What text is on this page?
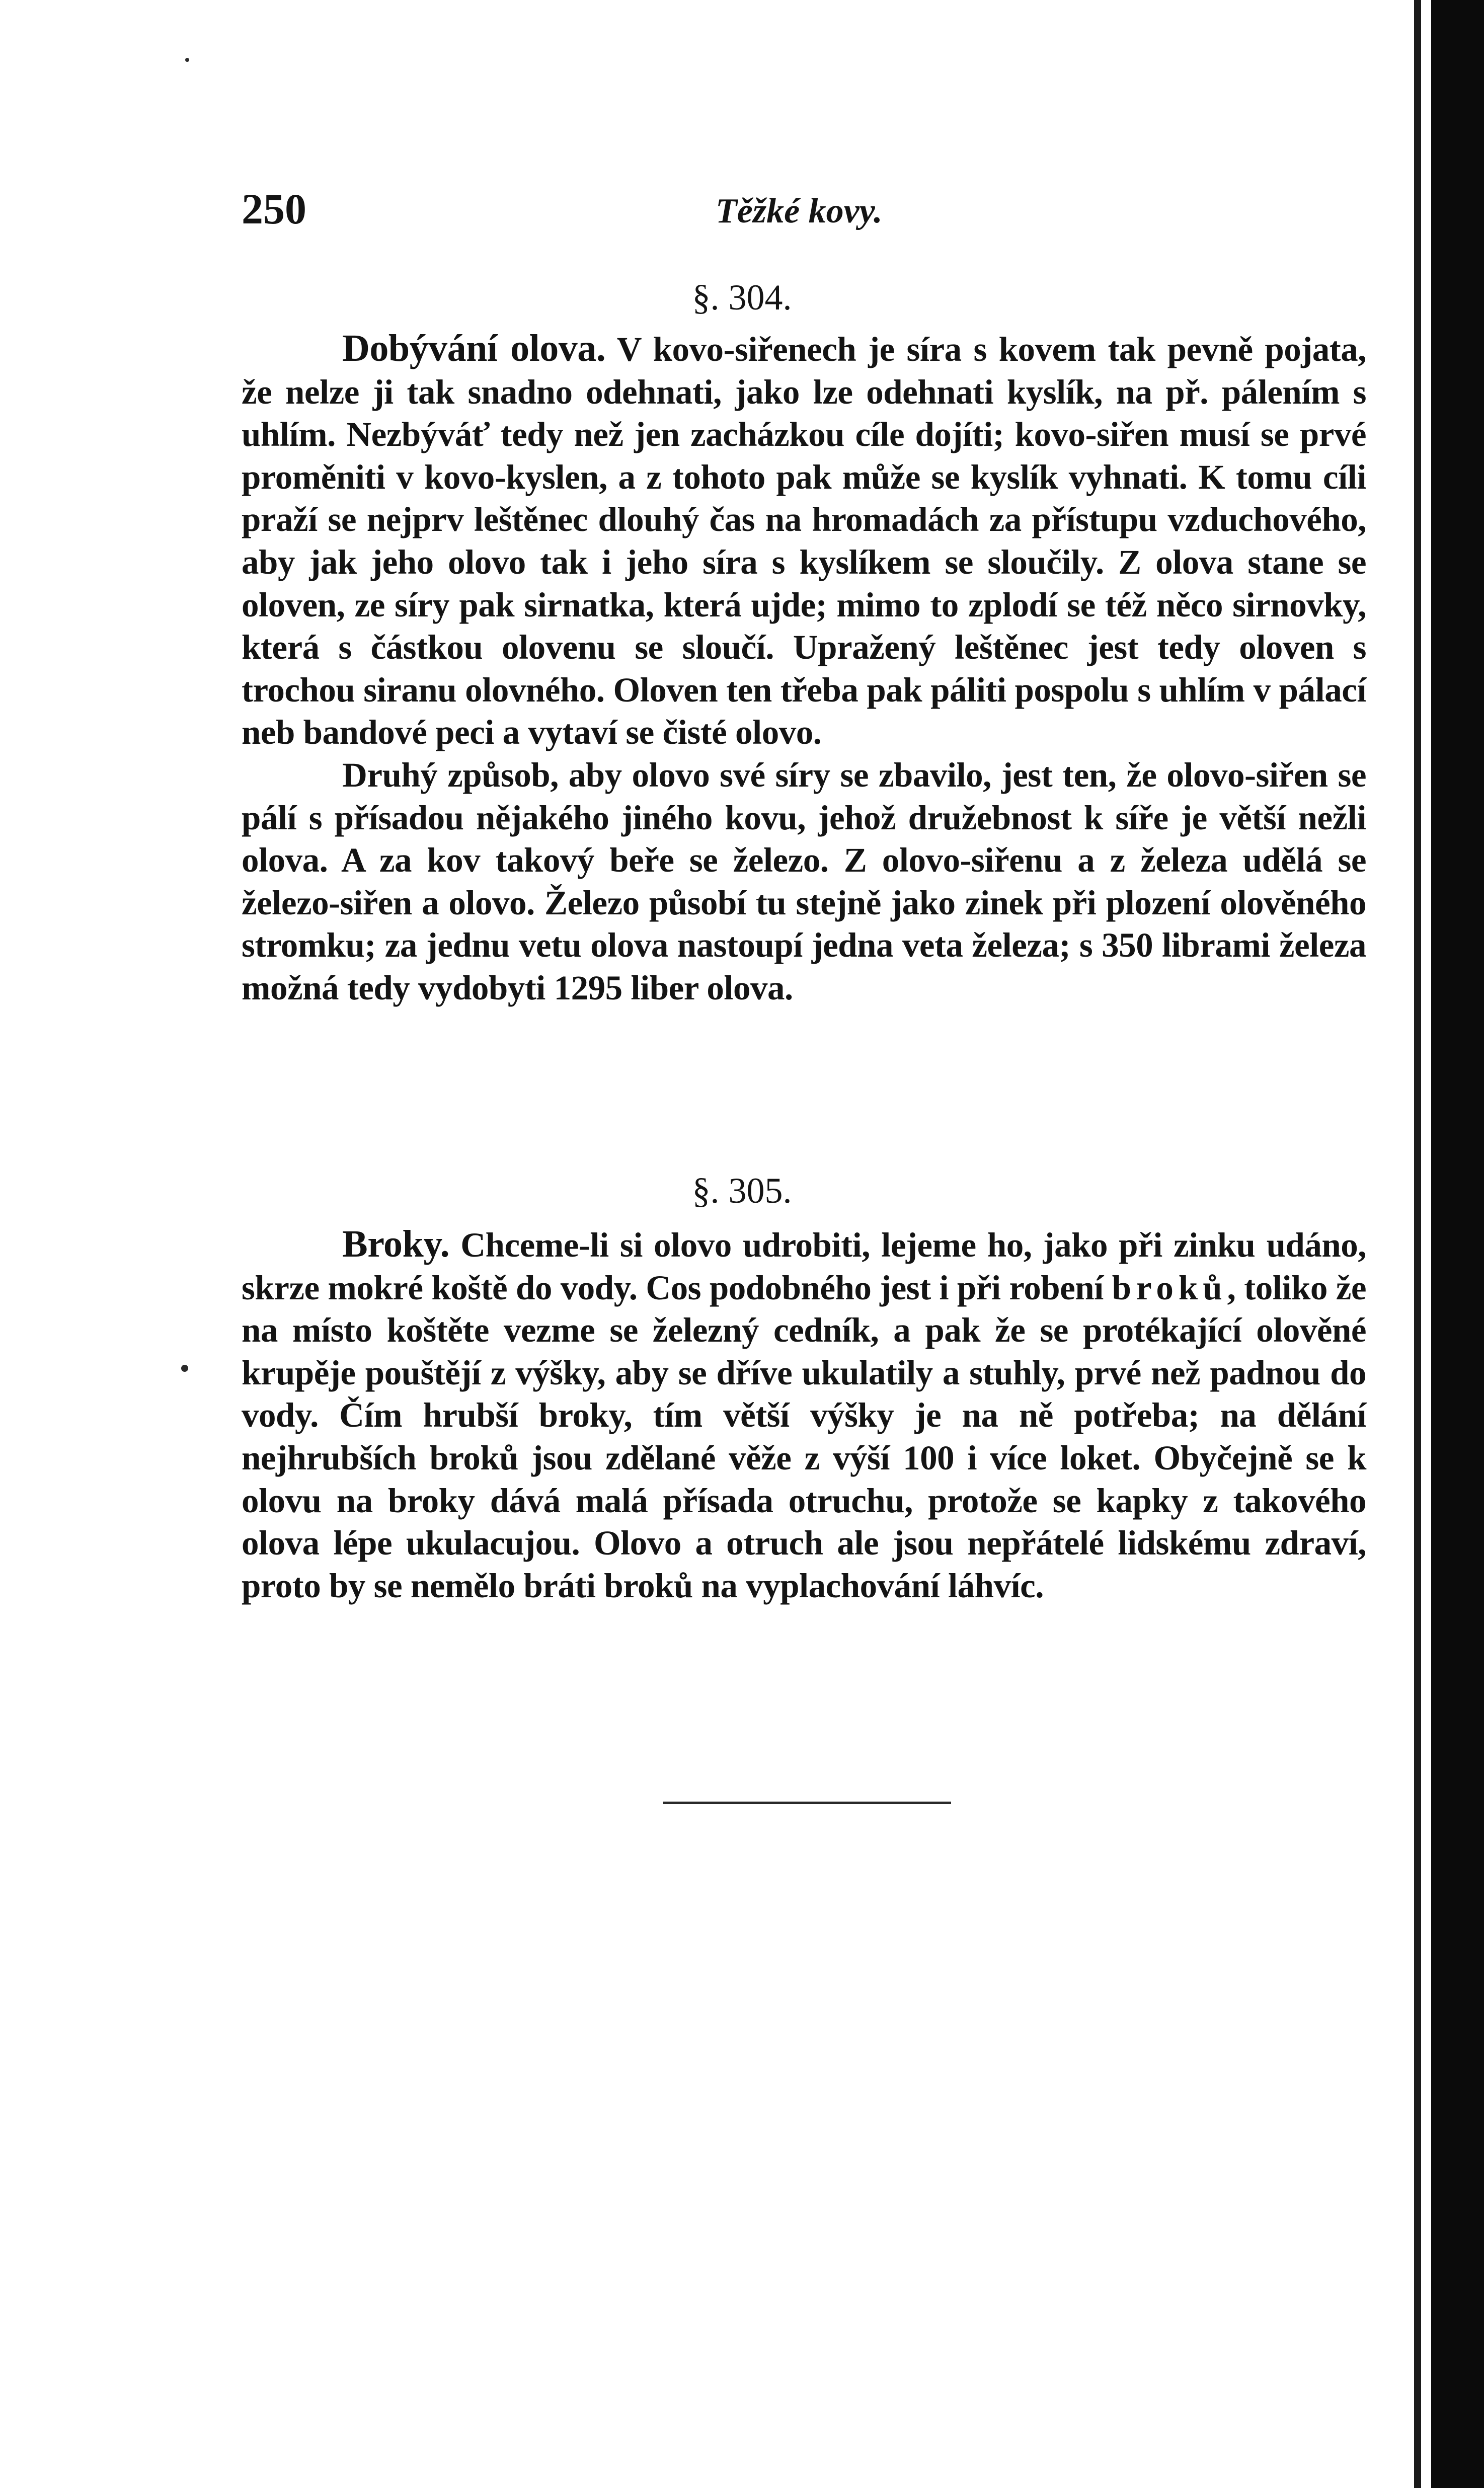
250	Těžké kovy.
§. 304.
Dobývání olova. V kovo-siřenech je síra s kovem tak pevně pojata, že nelze ji tak snadno odehnati, jako lze odehnati kyslík, na př. pálením s uhlím. Nezbýváť tedy než jen zacházkou cíle dojíti; kovo-siřen musí se prvé proměniti v kovo-kyslen, a z tohoto pak může se kyslík vyhnati. K tomu cíli praží se nejprv leštěnec dlouhý čas na hromadách za přístupu vzduchového, aby jak jeho olovo tak i jeho síra s kyslíkem se sloučily. Z olova stane se oloven, ze síry pak sirnatka, která ujde; mimo to zplodí se též něco sirnovky, která s částkou olovenu se sloučí. Upražený leštěnec jest tedy oloven s trochou siranu olovného. Oloven ten třeba pak páliti pospolu s uhlím v pálací neb bandové peci a vytaví se čisté olovo.
Druhý způsob, aby olovo své síry se zbavilo, jest ten, že olovo-siřen se pálí s přísadou nějakého jiného kovu, jehož družebnost k síře je větší nežli olova. A za kov takový beře se železo. Z olovo-siřenu a z železa udělá se železo-siřen a olovo. Železo působí tu stejně jako zinek při plození olověného stromku; za jednu vetu olova nastoupí jedna veta železa; s 350 librami železa možná tedy vydobyti 1295 liber olova.
§. 305.
Broky. Chceme-li si olovo udrobiti, lejeme ho, jako při zinku udáno, skrze mokré koště do vody. Cos podobného jest i při robení broků, toliko že na místo koštěte vezme se železný cedník, a pak že se protékající olověné krupěje pouštějí z výšky, aby se dříve ukulatily a stuhly, prvé než padnou do vody. Čím hrubší broky, tím větší výšky je na ně potřeba; na dělání nejhrubších broků jsou zdělané věže z výší 100 i více loket. Obyčejně se k olovu na broky dává malá přísada otruchu, protože se kapky z takového olova lépe ukulacujou. Olovo a otruch ale jsou nepřátelé lidskému zdraví, proto by se nemělo bráti broků na vyplachování láhvíc.
